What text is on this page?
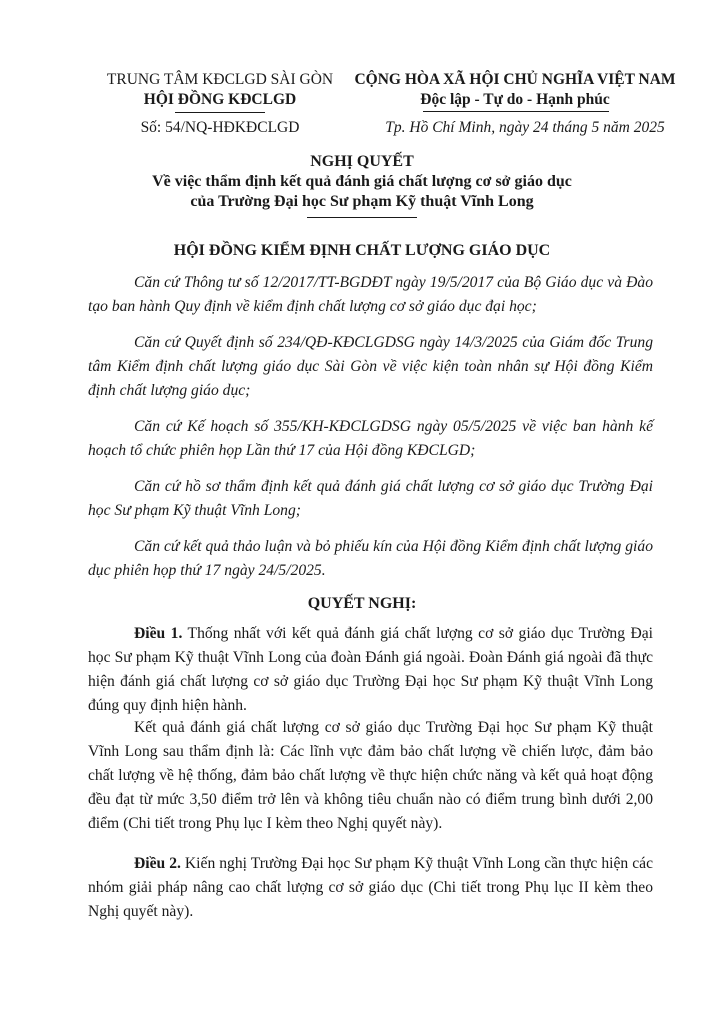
TRUNG TÂM KĐCLGD SÀI GÒN
HỘI ĐỒNG KĐCLGD
Số: 54/NQ-HĐKĐCLGD
CỘNG HÒA XÃ HỘI CHỦ NGHĨA VIỆT NAM
Độc lập - Tự do - Hạnh phúc
Tp. Hồ Chí Minh, ngày 24 tháng 5 năm 2025
NGHỊ QUYẾT
Về việc thẩm định kết quả đánh giá chất lượng cơ sở giáo dục
của Trường Đại học Sư phạm Kỹ thuật Vĩnh Long
HỘI ĐỒNG KIỂM ĐỊNH CHẤT LƯỢNG GIÁO DỤC
Căn cứ Thông tư số 12/2017/TT-BGDĐT ngày 19/5/2017 của Bộ Giáo dục và Đào tạo ban hành Quy định về kiểm định chất lượng cơ sở giáo dục đại học;
Căn cứ Quyết định số 234/QĐ-KĐCLGDSG ngày 14/3/2025 của Giám đốc Trung tâm Kiểm định chất lượng giáo dục Sài Gòn về việc kiện toàn nhân sự Hội đồng Kiểm định chất lượng giáo dục;
Căn cứ Kế hoạch số 355/KH-KĐCLGDSG ngày 05/5/2025 về việc ban hành kế hoạch tổ chức phiên họp Lần thứ 17 của Hội đồng KĐCLGD;
Căn cứ hồ sơ thẩm định kết quả đánh giá chất lượng cơ sở giáo dục Trường Đại học Sư phạm Kỹ thuật Vĩnh Long;
Căn cứ kết quả thảo luận và bỏ phiếu kín của Hội đồng Kiểm định chất lượng giáo dục phiên họp thứ 17 ngày 24/5/2025.
QUYẾT NGHỊ:
Điều 1. Thống nhất với kết quả đánh giá chất lượng cơ sở giáo dục Trường Đại học Sư phạm Kỹ thuật Vĩnh Long của đoàn Đánh giá ngoài. Đoàn Đánh giá ngoài đã thực hiện đánh giá chất lượng cơ sở giáo dục Trường Đại học Sư phạm Kỹ thuật Vĩnh Long đúng quy định hiện hành.
Kết quả đánh giá chất lượng cơ sở giáo dục Trường Đại học Sư phạm Kỹ thuật Vĩnh Long sau thẩm định là: Các lĩnh vực đảm bảo chất lượng về chiến lược, đảm bảo chất lượng về hệ thống, đảm bảo chất lượng về thực hiện chức năng và kết quả hoạt động đều đạt từ mức 3,50 điểm trở lên và không tiêu chuẩn nào có điểm trung bình dưới 2,00 điểm (Chi tiết trong Phụ lục I kèm theo Nghị quyết này).
Điều 2. Kiến nghị Trường Đại học Sư phạm Kỹ thuật Vĩnh Long cần thực hiện các nhóm giải pháp nâng cao chất lượng cơ sở giáo dục (Chi tiết trong Phụ lục II kèm theo Nghị quyết này).
